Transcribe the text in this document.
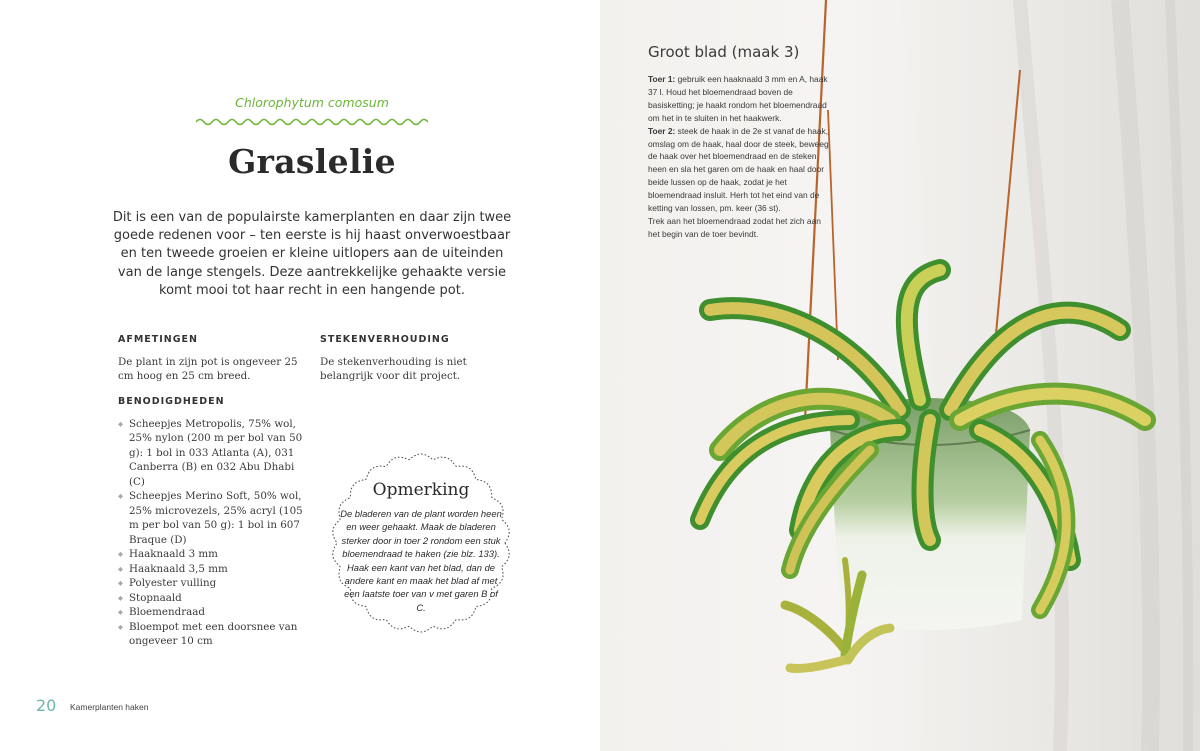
Chlorophytum comosum
Graslelie

Dit is een van de populairste kamerplanten en daar zijn twee goede redenen voor – ten eerste is hij haast onverwoestbaar en ten tweede groeien er kleine uitlopers aan de uiteinden van de lange stengels. Deze aantrekkelijke gehaakte versie komt mooi tot haar recht in een hangende pot.

AFMETINGEN
De plant in zijn pot is ongeveer 25 cm hoog en 25 cm breed.
BENODIGDHEDEN
◆ Scheepjes Metropolis, 75% wol, 25% nylon (200 m per bol van 50 g): 1 bol in 033 Atlanta (A), 031 Canberra (B) en 032 Abu Dhabi (C)
◆ Scheepjes Merino Soft, 50% wol, 25% microvezels, 25% acryl (105 m per bol van 50 g): 1 bol in 607 Braque (D)
◆ Haaknaald 3 mm
◆ Haaknaald 3,5 mm
◆ Polyester vulling
◆ Stopnaald
◆ Bloemendraad
◆ Bloempot met een doorsnee van ongeveer 10 cm
STEKENVERHOUDING
De stekenverhouding is niet belangrijk voor dit project.
Opmerking
De bladeren van de plant worden heen en weer gehaakt. Maak de bladeren sterker door in toer 2 rondom een stuk bloemendraad te haken (zie blz. 133). Haak een kant van het blad, dan de andere kant en maak het blad af met een laatste toer van v met garen B of C.
20 Kamerplanten haken
Groot blad (maak 3)
Toer 1: gebruik een haaknaald 3 mm en A, haak 37 l. Houd het bloemendraad boven de basisketting; je haakt rondom het bloemendraad om het in te sluiten in het haakwerk.
Toer 2: steek de haak in de 2e st vanaf de haak, omslag om de haak, haal door de steek, beweeg de haak over het bloemendraad en de steken heen en sla het garen om de haak en haal door beide lussen op de haak, zodat je het bloemendraad insluit. Herh tot het eind van de ketting van lossen, pm. keer (36 st).
Trek aan het bloemendraad zodat het zich aan het begin van de toer bevindt.
